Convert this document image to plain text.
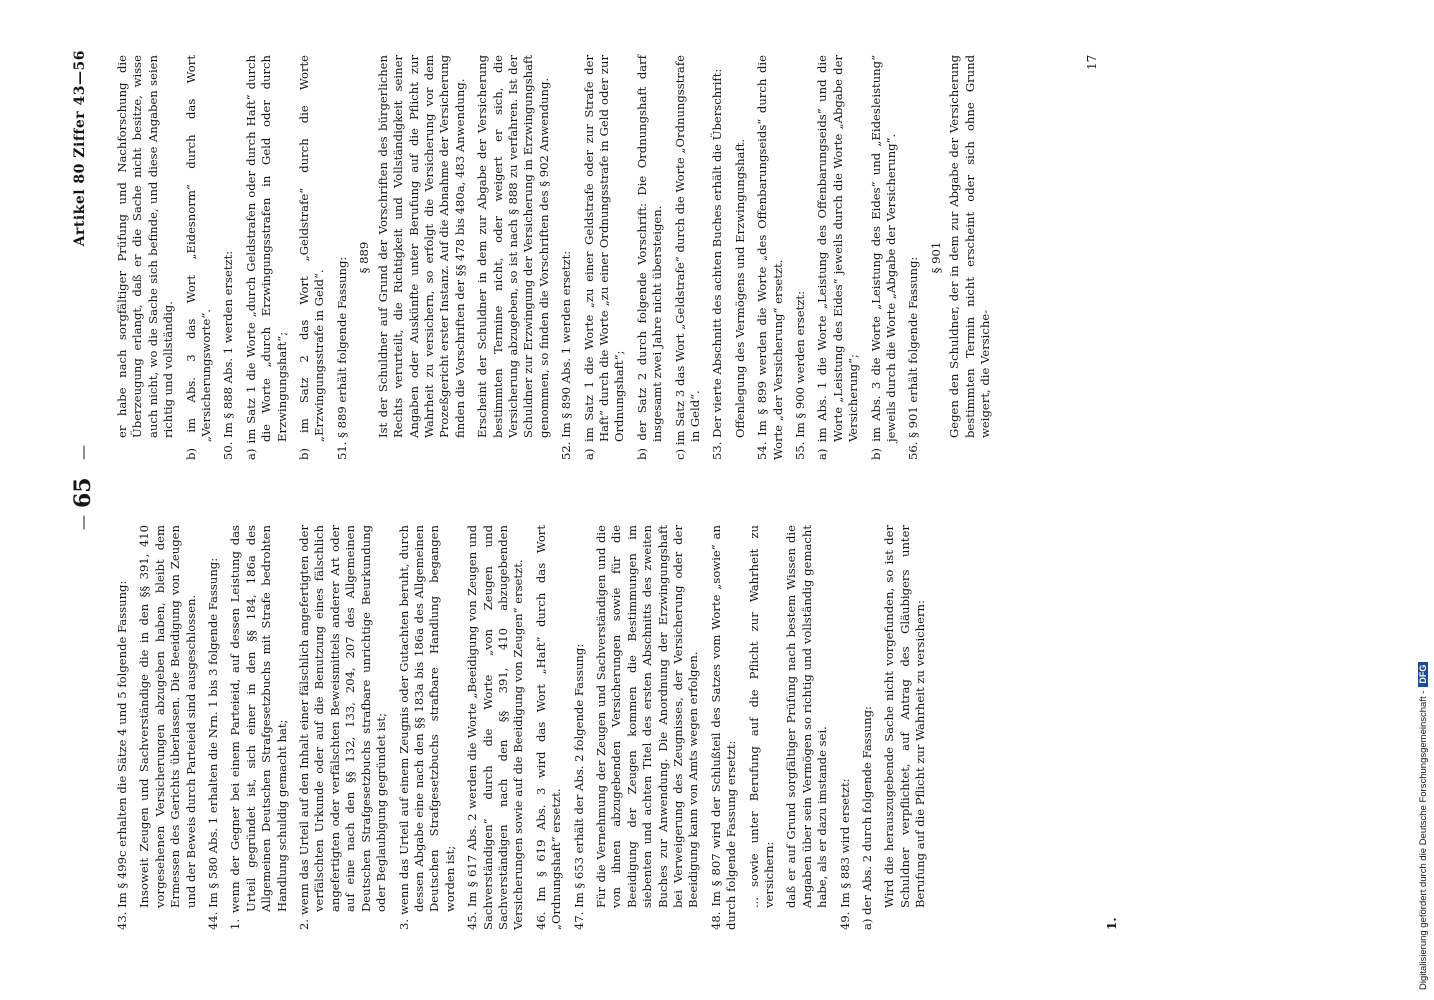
—
65
—
Artikel 80 Ziffer 43—56

43. Im § 499c erhalten die Sätze 4 und 5 folgende Fassung: Insoweit Zeugen und Sachverständige die in den §§ 391, 410 vorgesehenen Versicherungen abzugeben haben, bleibt dem Ermessen des Gerichts überlassen. Die Beeidigung von Zeugen und der Beweis durch Parteieid sind ausgeschlossen. 44. Im § 580 Abs. 1 erhalten die Nrn. 1 bis 3 folgende Fassung: 1. wenn der Gegner bei einem Parteieid, auf dessen Leistung das Urteil gegründet ist, sich einer in den §§ 184, 186a des Allgemeinen Deutschen Strafgesetzbuchs mit Strafe bedrohten Handlung schuldig gemacht hat; 2. wenn das Urteil auf den Inhalt einer fälschlich angefertigten oder verfälschten Urkunde oder auf die Benutzung eines fälschlich angefertigten oder verfälschten Beweismittels anderer Art oder auf eine nach den §§ 132, 133, 204, 207 des Allgemeinen Deutschen Strafgesetzbuchs strafbare unrichtige Beurkundung oder Beglaubigung gegründet ist; 3. wenn das Urteil auf einem Zeugnis oder Gutachten beruht, durch dessen Abgabe eine nach den §§ 183a bis 186a des Allgemeinen Deutschen Strafgesetzbuchs strafbare Handlung begangen worden ist; 45. Im § 617 Abs. 2 werden die Worte „Beeidigung von Zeugen und Sachverständigen“ durch die Worte „von Zeugen und Sachverständigen nach den §§ 391, 410 abzugebenden Versicherungen sowie auf die Beeidigung von Zeugen“ ersetzt. 46. Im § 619 Abs. 3 wird das Wort „Haft“ durch das Wort „Ordnungshaft“ ersetzt. 47. Im § 653 erhält der Abs. 2 folgende Fassung: Für die Vernehmung der Zeugen und Sachverständigen und die von ihnen abzugebenden Versicherungen sowie für die Beeidigung der Zeugen kommen die Bestimmungen im siebenten und achten Titel des ersten Abschnitts des zweiten Buches zur Anwendung. Die Anordnung der Erzwingungshaft bei Verweigerung des Zeugnisses, der Versicherung oder der Beeidigung kann von Amts wegen erfolgen. 48. Im § 807 wird der Schlußteil des Satzes vom Worte „sowie“ an durch folgende Fassung ersetzt: ... sowie unter Berufung auf die Pflicht zur Wahrheit zu versichern: daß er auf Grund sorgfältiger Prüfung nach bestem Wissen die Angaben über sein Vermögen so richtig und vollständig gemacht habe, als er dazu imstande sei. 49. Im § 883 wird ersetzt: a) der Abs. 2 durch folgende Fassung: Wird die herauszugebende Sache nicht vorgefunden, so ist der Schuldner verpflichtet, auf Antrag des Gläubigers unter Berufung auf die Pflicht zur Wahrheit zu versichern:

er habe nach sorgfältiger Prüfung und Nachforschung die Überzeugung erlangt, daß er die Sache nicht besitze, wisse auch nicht, wo die Sache sich befinde, und diese Angaben seien richtig und vollständig. b) im Abs. 3 das Wort „Eidesnorm“ durch das Wort „Versicherungsworte“. 50. Im § 888 Abs. 1 werden ersetzt: a) im Satz 1 die Worte „durch Geldstrafen oder durch Haft“ durch die Worte „durch Erzwingungsstrafen in Geld oder durch Erzwingungshaft“; b) im Satz 2 das Wort „Geldstrafe“ durch die Worte „Erzwingungsstrafe in Geld“. 51. § 889 erhält folgende Fassung: § 889 Ist der Schuldner auf Grund der Vorschriften des bürgerlichen Rechts verurteilt, die Richtigkeit und Vollständigkeit seiner Angaben oder Auskünfte unter Berufung auf die Pflicht zur Wahrheit zu versichern, so erfolgt die Versicherung vor dem Prozeßgericht erster Instanz. Auf die Abnahme der Versicherung finden die Vorschriften der §§ 478 bis 480a, 483 Anwendung. Erscheint der Schuldner in dem zur Abgabe der Versicherung bestimmten Termine nicht, oder weigert er sich, die Versicherung abzugeben, so ist nach § 888 zu verfahren. Ist der Schuldner zur Erzwingung der Versicherung in Erzwingungshaft genommen, so finden die Vorschriften des § 902 Anwendung. 52. Im § 890 Abs. 1 werden ersetzt: a) im Satz 1 die Worte „zu einer Geldstrafe oder zur Strafe der Haft“ durch die Worte „zu einer Ordnungsstrafe in Geld oder zur Ordnungshaft“; b) der Satz 2 durch folgende Vorschrift: Die Ordnungshaft darf insgesamt zwei Jahre nicht übersteigen. c) im Satz 3 das Wort „Geldstrafe“ durch die Worte „Ordnungsstrafe in Geld“. 53. Der vierte Abschnitt des achten Buches erhält die Überschrift: Offenlegung des Vermögens und Erzwingungshaft. 54. Im § 899 werden die Worte „des Offenbarungseids“ durch die Worte „der Versicherung“ ersetzt. 55. Im § 900 werden ersetzt: a) im Abs. 1 die Worte „Leistung des Offenbarungseids“ und die Worte „Leistung des Eides“ jeweils durch die Worte „Abgabe der Versicherung“; b) im Abs. 3 die Worte „Leistung des Eides“ und „Eidesleistung“ jeweils durch die Worte „Abgabe der Versicherung“. 56. § 901 erhält folgende Fassung: § 901 Gegen den Schuldner, der in dem zur Abgabe der Versicherung bestimmten Termin nicht erscheint oder sich ohne Grund weigert, die Versiche-

1.
17
Digitalisierung gefördert durch die Deutsche Forschungsgemeinschaft -DFG
